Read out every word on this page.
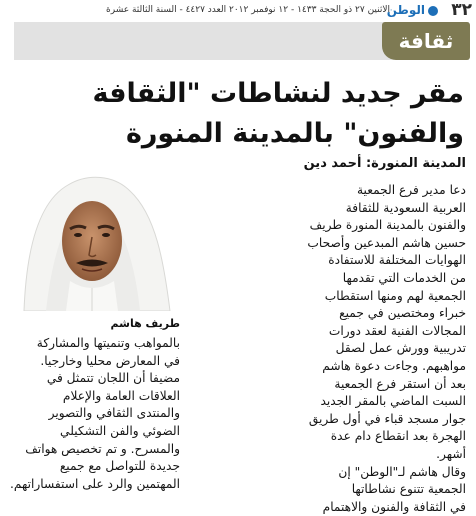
٣٢
الوطن
الاثنين ٢٧ ذو الحجة ١٤٣٣ - ١٢ نوفمبر ٢٠١٢ العدد ٤٤٢٧ - السنة الثالثة عشرة
ثقافة
مقر جديد لنشاطات "الثقافة
والفنون" بالمدينة المنورة
المدينة المنورة: أحمد دين
طريف هاشم
دعا مدير فرع الجمعية
العربية السعودية للثقافة
والفنون بالمدينة المنورة طريف
حسين هاشم المبدعين وأصحاب
الهوايات المختلفة للاستفادة
من الخدمات التي تقدمها
الجمعية لهم ومنها استقطاب
خبراء ومختصين في جميع
المجالات الفنية لعقد دورات
تدريبية وورش عمل لصقل
مواهبهم. وجاءت دعوة هاشم
بعد أن استقر فرع الجمعية
السبت الماضي بالمقر الجديد
جوار مسجد قباء في أول طريق
الهجرة بعد انقطاع دام عدة
أشهر.
وقال هاشم لـ"الوطن" إن
الجمعية تتنوع نشاطاتها
في الثقافة والفنون والاهتمام
بالمواهب وتنميتها والمشاركة
في المعارض محليا وخارجيا.
مضيفا أن اللجان تتمثل في
العلاقات العامة والإعلام
والمنتدى الثقافي والتصوير
الضوئي والفن التشكيلي
والمسرح. و تم تخصيص هواتف
جديدة للتواصل مع جميع
المهتمين والرد على استفساراتهم.
